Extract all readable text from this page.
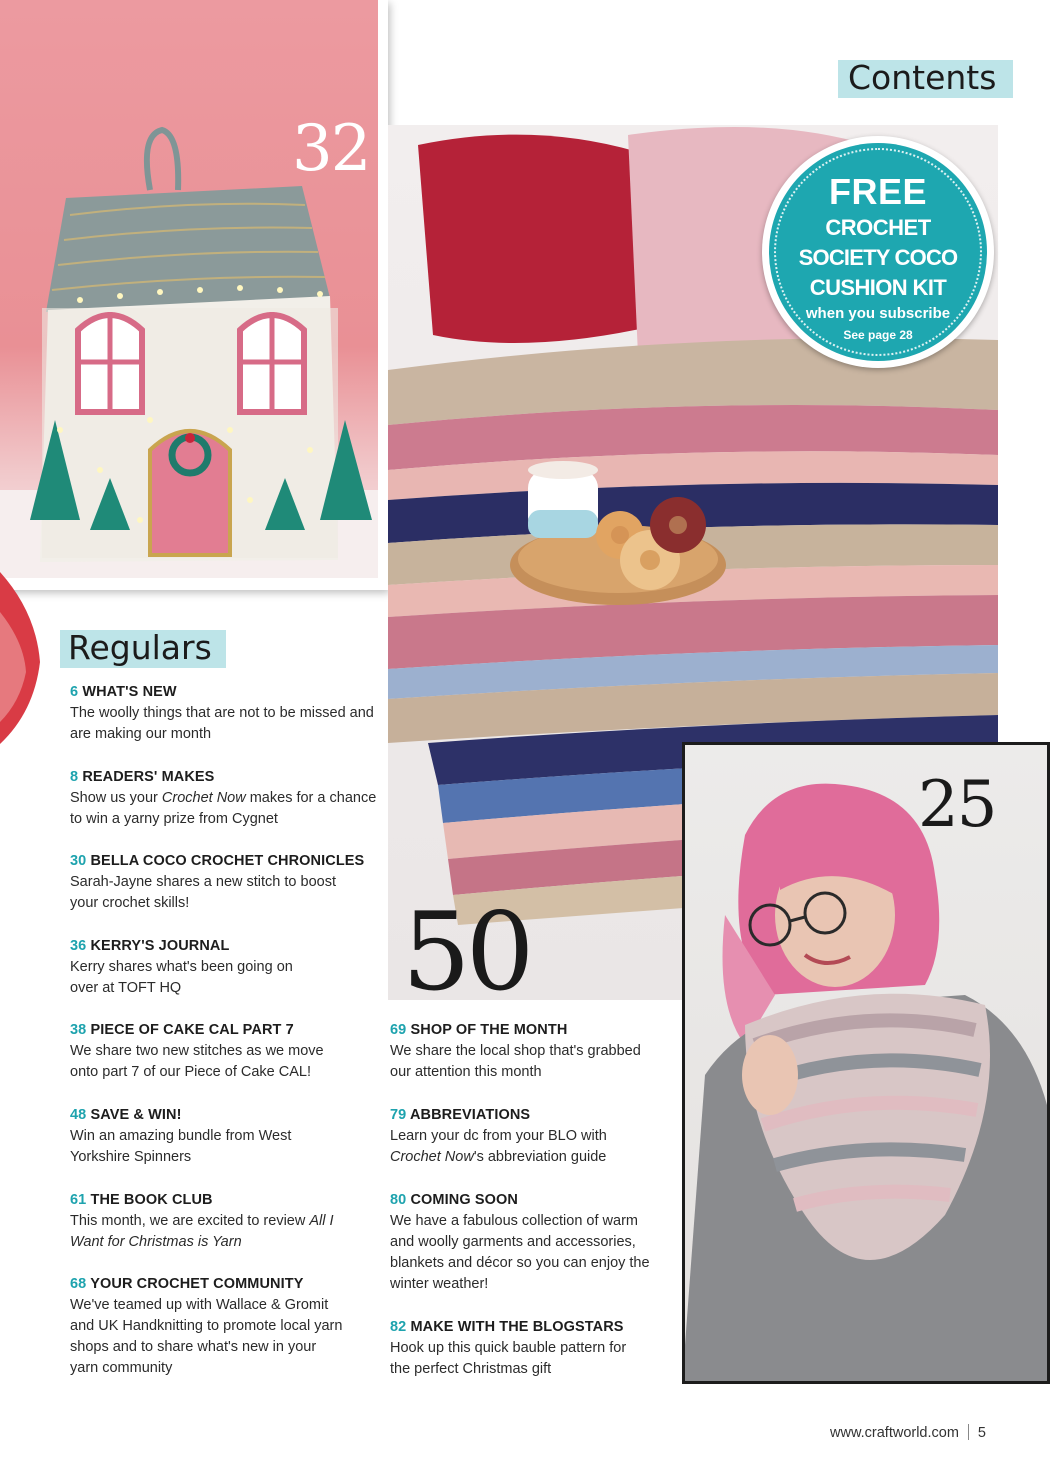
32
Contents
50
FREE
CROCHET
SOCIETY COCO
CUSHION KIT
when you subscribe
See page 28
25
Regulars
6 WHAT'S NEW
The woolly things that are not to be missed and are making our month
8 READERS' MAKES
Show us your Crochet Now makes for a chance to win a yarny prize from Cygnet
30 BELLA COCO CROCHET CHRONICLES
Sarah-Jayne shares a new stitch to boost your crochet skills!
36 KERRY'S JOURNAL
Kerry shares what's been going on over at TOFT HQ
38 PIECE OF CAKE CAL PART 7
We share two new stitches as we move onto part 7 of our Piece of Cake CAL!
48 SAVE & WIN!
Win an amazing bundle from West Yorkshire Spinners
61 THE BOOK CLUB
This month, we are excited to review All I Want for Christmas is Yarn
68 YOUR CROCHET COMMUNITY
We've teamed up with Wallace & Gromit and UK Handknitting to promote local yarn shops and to share what's new in your yarn community
69 SHOP OF THE MONTH
We share the local shop that's grabbed our attention this month
79 ABBREVIATIONS
Learn your dc from your BLO with Crochet Now's abbreviation guide
80 COMING SOON
We have a fabulous collection of warm and woolly garments and accessories, blankets and décor so you can enjoy the winter weather!
82 MAKE WITH THE BLOGSTARS
Hook up this quick bauble pattern for the perfect Christmas gift
www.craftworld.com 5
